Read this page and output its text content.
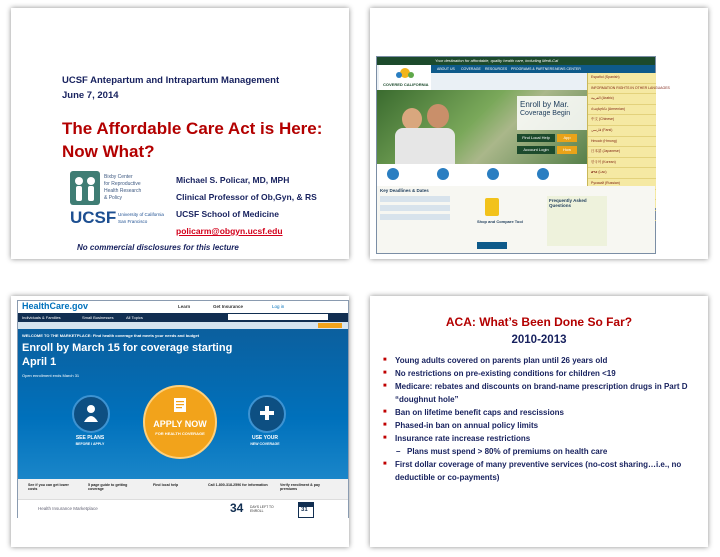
UCSF Antepartum and Intrapartum Management
June 7, 2014
The Affordable Care Act is Here:
Now What?
Bixby Center
for Reproductive
Health Research
& Policy
UCSF University of California
San Francisco
Michael S. Policar, MD, MPH
Clinical Professor of Ob,Gyn, & RS
UCSF School of Medicine
policarm@obgyn.ucsf.edu
No commercial disclosures for this lecture
Your destination for affordable, quality health care, including Medi-Cal
COVERED CALIFORNIA
ABOUT US COVERAGE RESOURCES PROGRAMS & PARTNERS NEWS CENTER
Enroll by Mar.
Coverage Begin
Find Local Help	App
Account Login	How
Español (Spanish)
INFORMATION RIGHTS IN OTHER LANGUAGES
العربية (Arabic)
Հայերեն (Armenian)
中文 (Chinese)
فارسی (Farsi)
Hmoob (Hmong)
日本語 (Japanese)
한국어 (Korean)
ລາວ (Lao)
Русский (Russian)
Key Deadlines & Dates
Shop and Compare Tool
Frequently Asked Questions
HealthCare.gov	Learn	Get Insurance	Log in
Individuals & Families	Small Businesses	All Topics
WELCOME TO THE MARKETPLACE: Find health coverage that meets your needs and budget
Enroll by March 15 for coverage starting
April 1
Open enrollment ends March 31
SEE PLANS
BEFORE I APPLY
APPLY NOW
FOR HEALTH COVERAGE
USE YOUR
NEW COVERAGE
See if you can get lower costs
5 page guide to getting coverage
Find local help	Call 1-800-318-2596 for information	Verify enrollment & pay premiums
Health Insurance Marketplace	34 DAYS LEFT TO ENROLL	31
ACA: What’s Been Done So Far?
2010-2013
■ Young adults covered on parents plan until 26 years old
■ No restrictions on pre-existing conditions for children <19
■ Medicare: rebates and discounts on brand-name prescription drugs in Part D “doughnut hole”
■ Ban on lifetime benefit caps and rescissions
■ Phased-in ban on annual policy limits
■ Insurance rate increase restrictions
– Plans must spend > 80% of premiums on health care
■ First dollar coverage of many preventive services (no-cost sharing…i.e., no deductible or co-payments)
